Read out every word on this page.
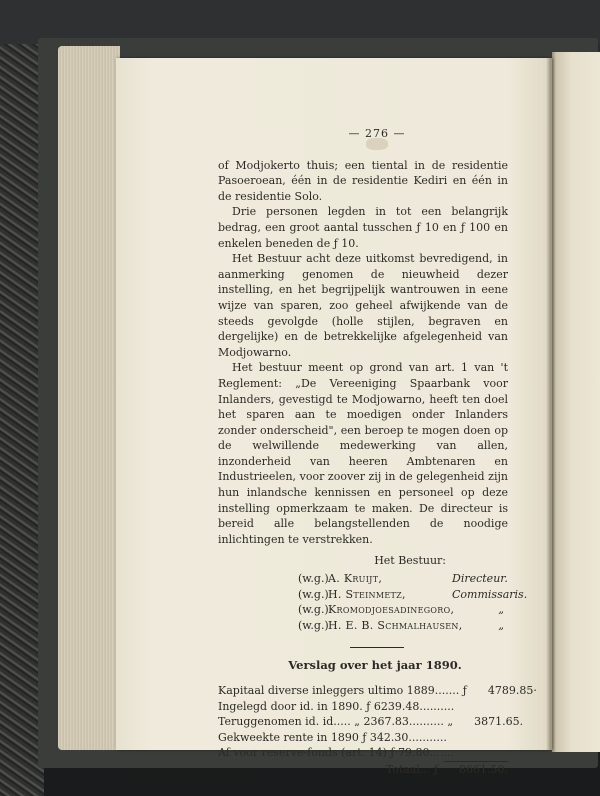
— 276 —

of Modjokerto thuis; een tiental in de residentie Pasoeroean, één in de residentie Kediri en één in de residentie Solo.

Drie personen legden in tot een belangrijk bedrag, een groot aantal tusschen ƒ 10 en ƒ 100 en enkelen beneden de ƒ 10.

Het Bestuur acht deze uitkomst bevredigend, in aanmerking genomen de nieuwheid dezer instelling, en het begrijpelijk wantrouwen in eene wijze van sparen, zoo geheel afwijkende van de steeds gevolgde (holle stijlen, begraven en dergelijke) en de betrekkelijke afgelegenheid van Modjowarno.

Het bestuur meent op grond van art. 1 van 't Reglement: „De Vereeniging Spaarbank voor Inlanders, gevestigd te Modjowarno, heeft ten doel het sparen aan te moedigen onder Inlanders zonder onderscheid", een beroep te mogen doen op de welwillende medewerking van allen, inzonderheid van heeren Ambtenaren en Industrieelen, voor zoover zij in de gelegenheid zijn hun inlandsche kennissen en personeel op deze instelling opmerkzaam te maken. De directeur is bereid alle belangstellenden de noodige inlichtingen te verstrekken.

Het Bestuur:
(w.g.) A. Kruijt,	Directeur.
(w.g.) H. Steinmetz,	Commissaris.
(w.g.) Kromodjoesadinegoro,	„
(w.g.) H. E. B. Schmalhausen,	„
Verslag over het jaar 1890.
Kapitaal diverse inleggers ultimo 1889....... ƒ	4789.85·
Ingelegd door id. in 1890. ƒ 6239.48..........
Teruggenomen id. id..... „ 2367.83.......... „	3871.65.
Gekweekte rente in 1890 ƒ 342.30...........
Af voor reserve-fonds (art. 14) ƒ 79.80.......
Totaal... ƒ	8661.50.
